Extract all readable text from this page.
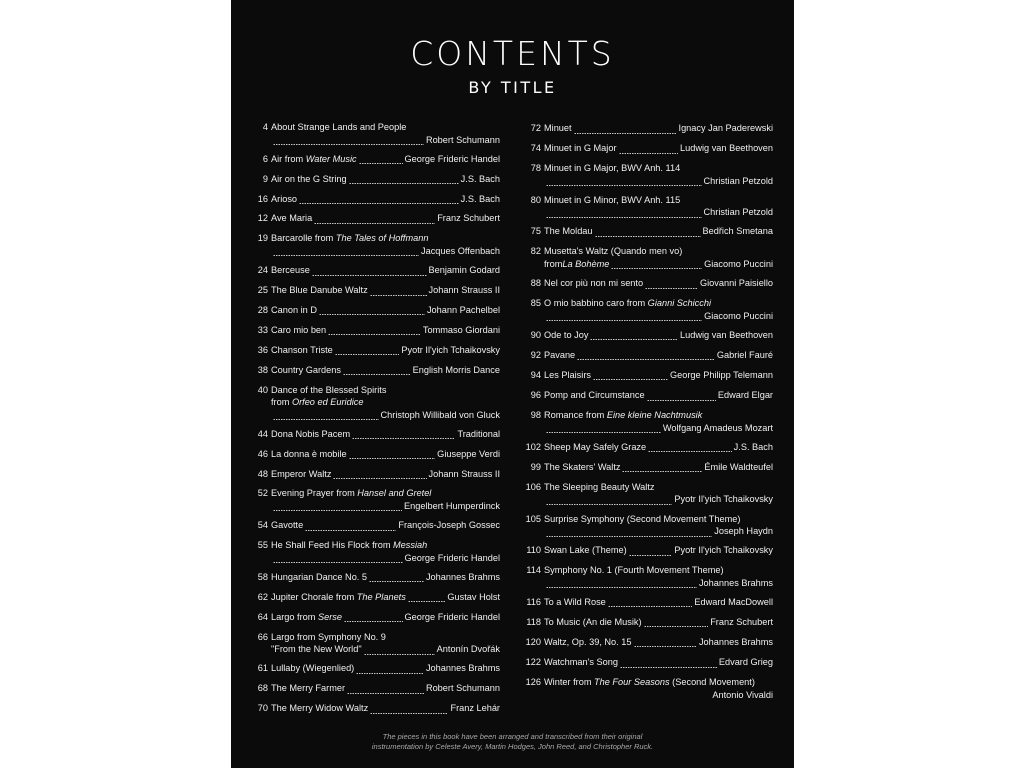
CONTENTS
BY TITLE
4 About Strange Lands and People
Robert Schumann
6 Air from Water Music	George Frideric Handel
9 Air on the G String	J.S. Bach
16 Arioso	J.S. Bach
12 Ave Maria	Franz Schubert
19 Barcarolle from The Tales of Hoffmann
Jacques Offenbach
24 Berceuse	Benjamin Godard
25 The Blue Danube Waltz	Johann Strauss II
28 Canon in D	Johann Pachelbel
33 Caro mio ben	Tommaso Giordani
36 Chanson Triste	Pyotr Il'yich Tchaikovsky
38 Country Gardens	English Morris Dance
40 Dance of the Blessed Spirits
from Orfeo ed Euridice
Christoph Willibald von Gluck
44 Dona Nobis Pacem	Traditional
46 La donna è mobile	Giuseppe Verdi
48 Emperor Waltz	Johann Strauss II
52 Evening Prayer from Hansel and Gretel
Engelbert Humperdinck
54 Gavotte	François-Joseph Gossec
55 He Shall Feed His Flock from Messiah
George Frideric Handel
58 Hungarian Dance No. 5	Johannes Brahms
62 Jupiter Chorale from The Planets	Gustav Holst
64 Largo from Serse	George Frideric Handel
66 Largo from Symphony No. 9
"From the New World"	Antonín Dvořák
61 Lullaby (Wiegenlied)	Johannes Brahms
68 The Merry Farmer	Robert Schumann
70 The Merry Widow Waltz	Franz Lehár
72 Minuet	Ignacy Jan Paderewski
74 Minuet in G Major	Ludwig van Beethoven
78 Minuet in G Major, BWV Anh. 114
Christian Petzold
80 Minuet in G Minor, BWV Anh. 115
Christian Petzold
75 The Moldau	Bedřich Smetana
82 Musetta's Waltz (Quando men vo)
from La Bohème	Giacomo Puccini
88 Nel cor più non mi sento	Giovanni Paisiello
85 O mio babbino caro from Gianni Schicchi
Giacomo Puccini
90 Ode to Joy	Ludwig van Beethoven
92 Pavane	Gabriel Fauré
94 Les Plaisirs	George Philipp Telemann
96 Pomp and Circumstance	Edward Elgar
98 Romance from Eine kleine Nachtmusik
Wolfgang Amadeus Mozart
102 Sheep May Safely Graze	J.S. Bach
99 The Skaters' Waltz	Émile Waldteufel
106 The Sleeping Beauty Waltz
Pyotr Il'yich Tchaikovsky
105 Surprise Symphony (Second Movement Theme)
Joseph Haydn
110 Swan Lake (Theme)	Pyotr Il'yich Tchaikovsky
114 Symphony No. 1 (Fourth Movement Theme)
Johannes Brahms
116 To a Wild Rose	Edward MacDowell
118 To Music (An die Musik)	Franz Schubert
120 Waltz, Op. 39, No. 15	Johannes Brahms
122 Watchman's Song	Edvard Grieg
126 Winter from The Four Seasons (Second Movement)
Antonio Vivaldi
The pieces in this book have been arranged and transcribed from their original
instrumentation by Celeste Avery, Martin Hodges, John Reed, and Christopher Ruck.
